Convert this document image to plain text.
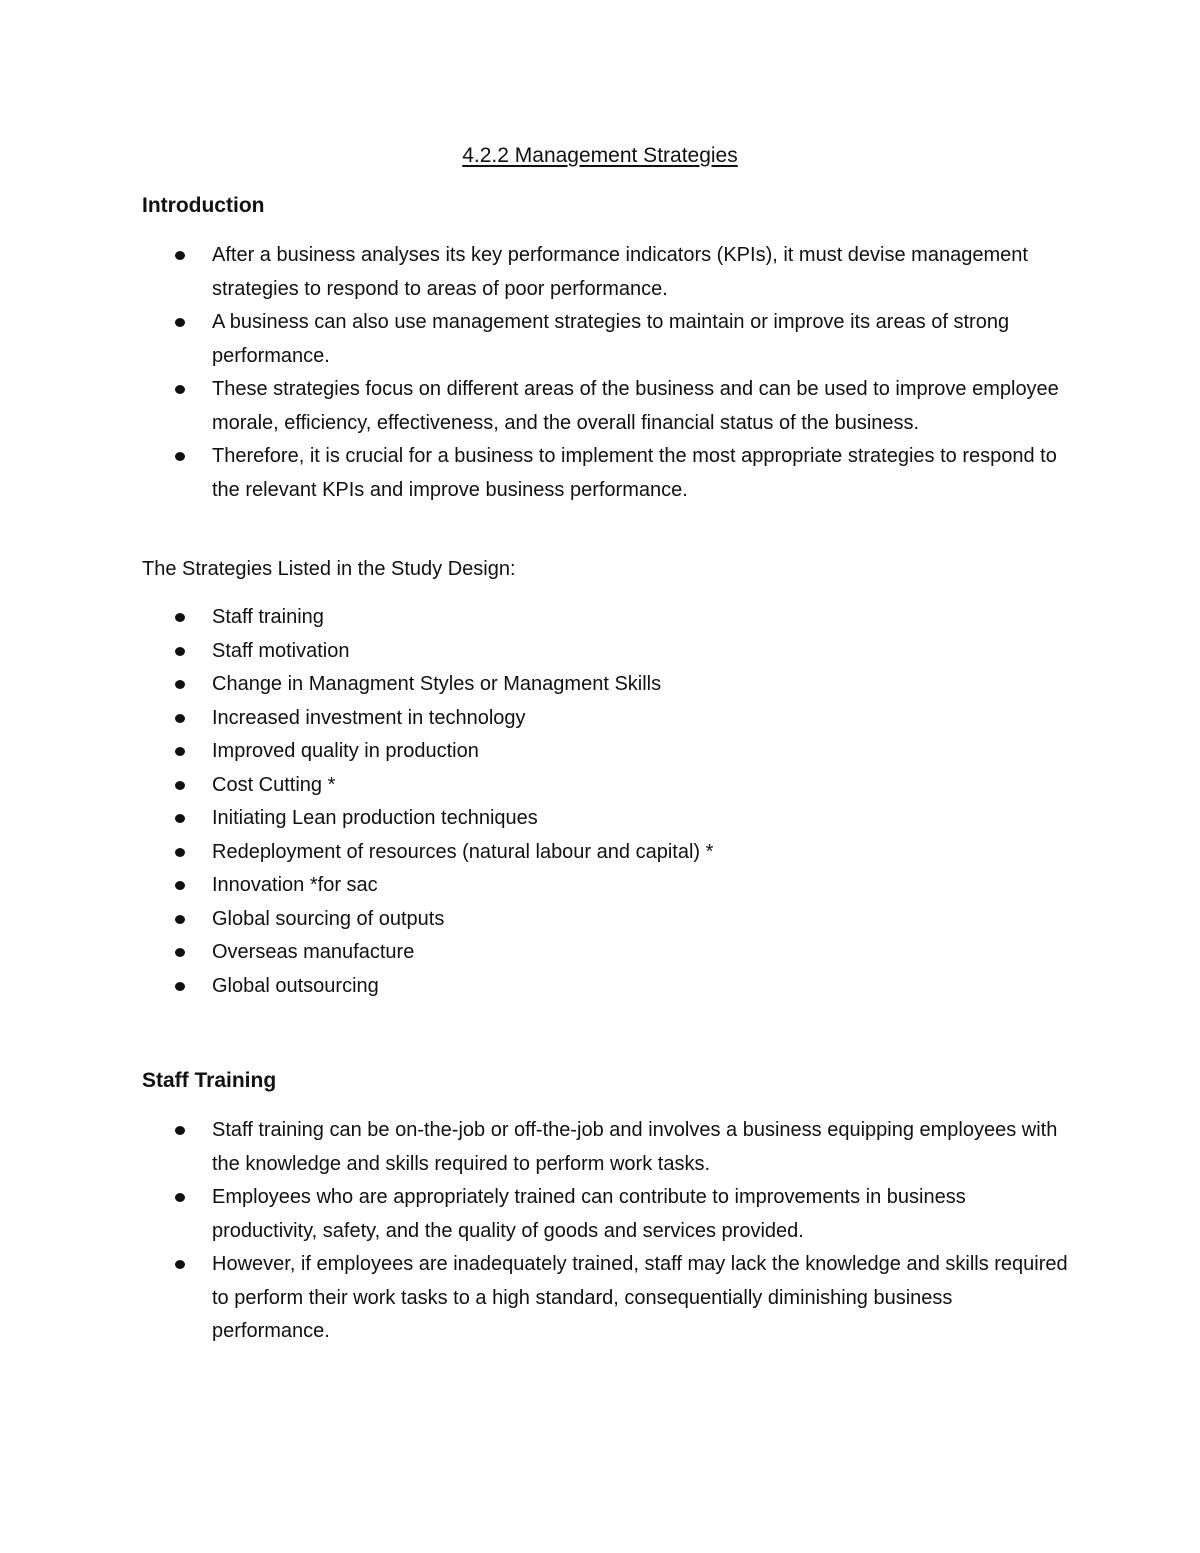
4.2.2 Management Strategies
Introduction
After a business analyses its key performance indicators (KPIs), it must devise management strategies to respond to areas of poor performance.
A business can also use management strategies to maintain or improve its areas of strong performance.
These strategies focus on different areas of the business and can be used to improve employee morale, efficiency, effectiveness, and the overall financial status of the business.
Therefore, it is crucial for a business to implement the most appropriate strategies to respond to the relevant KPIs and improve business performance.

The Strategies Listed in the Study Design:

Staff training
Staff motivation
Change in Managment Styles or Managment Skills
Increased investment in technology
Improved quality in production
Cost Cutting *
Initiating Lean production techniques
Redeployment of resources (natural labour and capital) *
Innovation *for sac
Global sourcing of outputs
Overseas manufacture
Global outsourcing
Staff Training
Staff training can be on-the-job or off-the-job and involves a business equipping employees with the knowledge and skills required to perform work tasks.
Employees who are appropriately trained can contribute to improvements in business productivity, safety, and the quality of goods and services provided.
However, if employees are inadequately trained, staff may lack the knowledge and skills required to perform their work tasks to a high standard, consequentially diminishing business performance.
